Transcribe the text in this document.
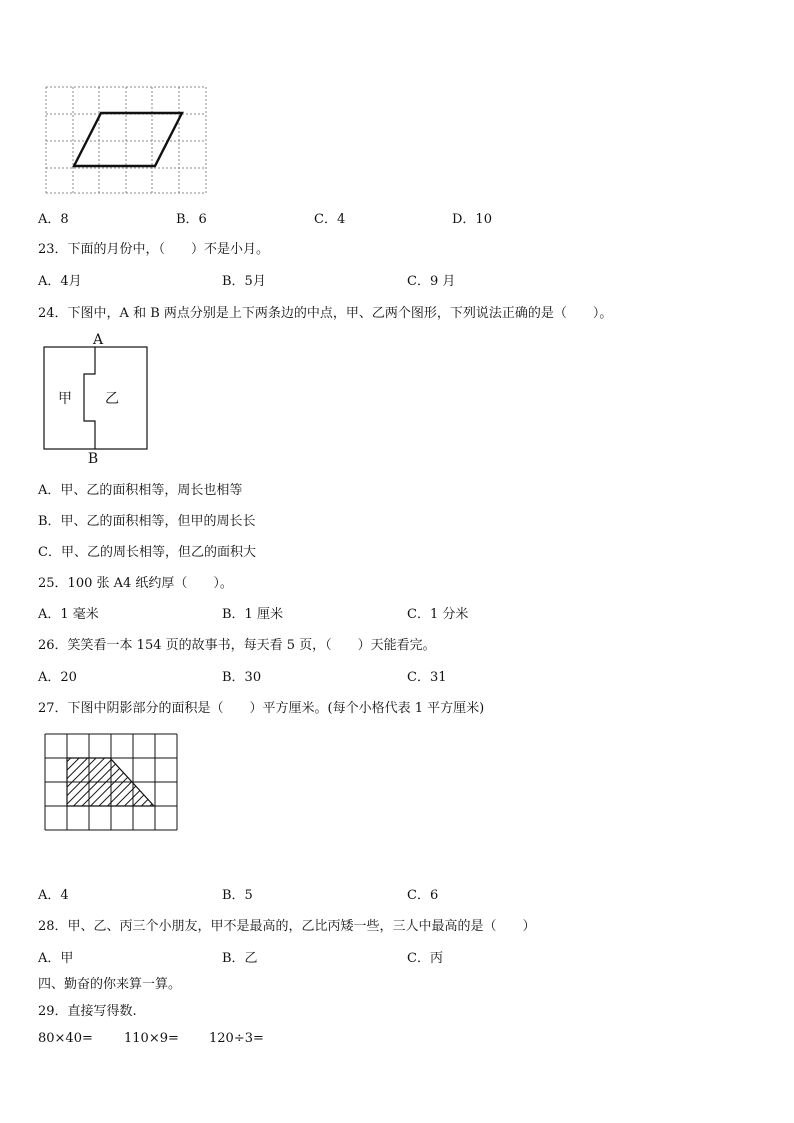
A．8	B．6	C．4	D．10
23．下面的月份中，（　　）不是小月。
A．4月	B．5月	C．9 月
24．下图中，A 和 B 两点分别是上下两条边的中点，甲、乙两个图形，下列说法正确的是（　　）。
A
B
甲 乙
A．甲、乙的面积相等，周长也相等
B．甲、乙的面积相等，但甲的周长长
C．甲、乙的周长相等，但乙的面积大
25．100 张 A4 纸约厚（　　）。
A．1 毫米	B．1 厘米	C．1 分米
26．笑笑看一本 154 页的故事书，每天看 5 页，（　　）天能看完。
A．20	B．30	C．31
27．下图中阴影部分的面积是（　　）平方厘米。(每个小格代表 1 平方厘米)
A．4	B．5	C．6
28．甲、乙、丙三个小朋友，甲不是最高的，乙比丙矮一些，三人中最高的是（　　）
A．甲	B．乙	C．丙
四、勤奋的你来算一算。
29．直接写得数.
80×40= 110×9= 120÷3=
